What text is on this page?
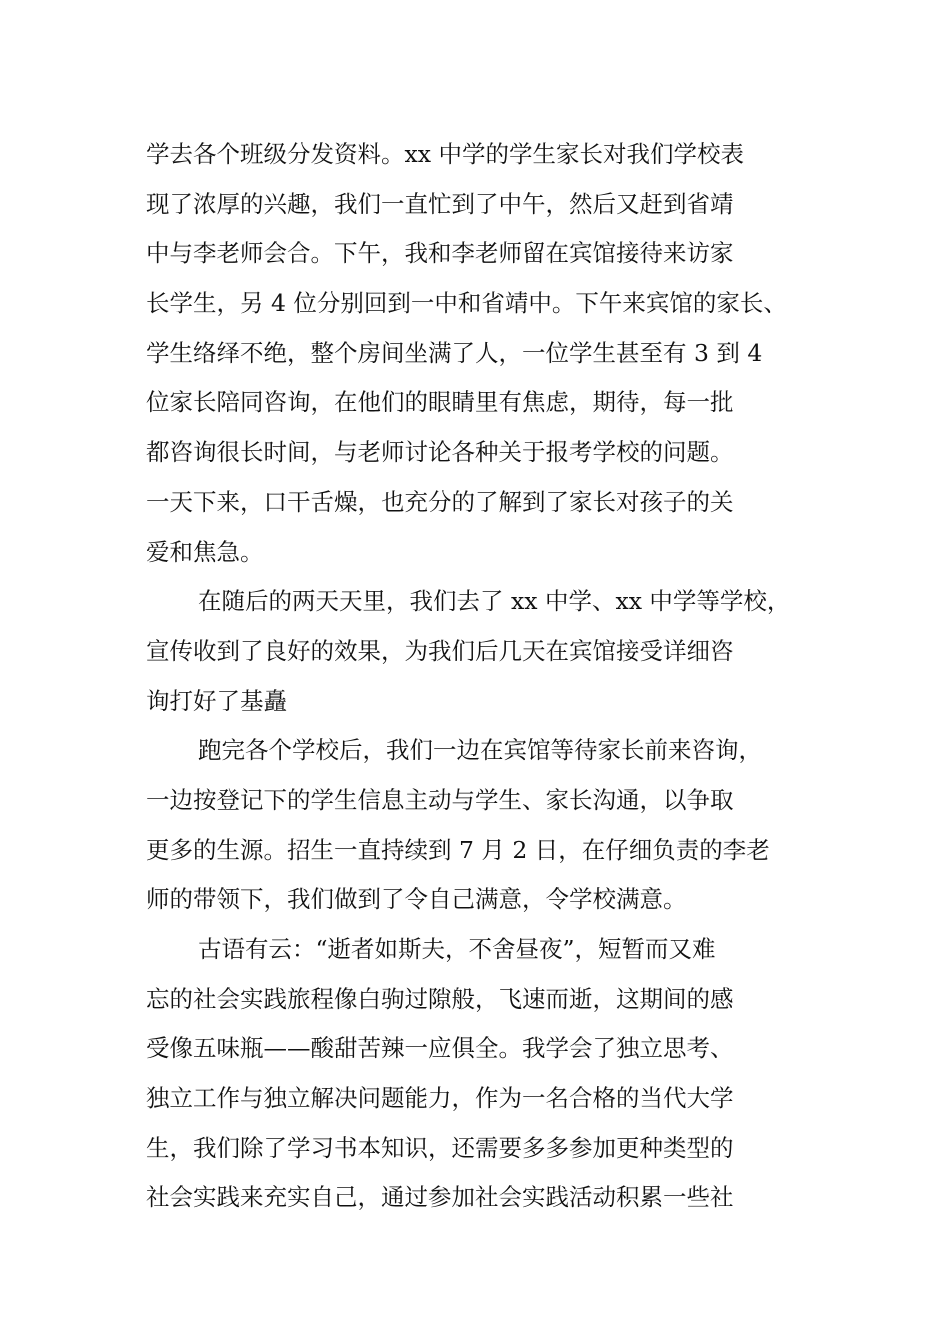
学去各个班级分发资料。xx 中学的学生家长对我们学校表
现了浓厚的兴趣，我们一直忙到了中午，然后又赶到省靖
中与李老师会合。下午，我和李老师留在宾馆接待来访家
长学生，另 4 位分别回到一中和省靖中。下午来宾馆的家长、
学生络绎不绝，整个房间坐满了人，一位学生甚至有 3 到 4
位家长陪同咨询，在他们的眼睛里有焦虑，期待，每一批
都咨询很长时间，与老师讨论各种关于报考学校的问题。
一天下来，口干舌燥，也充分的了解到了家长对孩子的关
爱和焦急。
在随后的两天天里，我们去了 xx 中学、xx 中学等学校，
宣传收到了良好的效果，为我们后几天在宾馆接受详细咨
询打好了基矗
跑完各个学校后，我们一边在宾馆等待家长前来咨询，
一边按登记下的学生信息主动与学生、家长沟通，以争取
更多的生源。招生一直持续到 7 月 2 日，在仔细负责的李老
师的带领下，我们做到了令自己满意，令学校满意。
古语有云：“逝者如斯夫，不舍昼夜”，短暂而又难
忘的社会实践旅程像白驹过隙般，飞速而逝，这期间的感
受像五味瓶——酸甜苦辣一应俱全。我学会了独立思考、
独立工作与独立解决问题能力，作为一名合格的当代大学
生，我们除了学习书本知识，还需要多多参加更种类型的
社会实践来充实自己，通过参加社会实践活动积累一些社
